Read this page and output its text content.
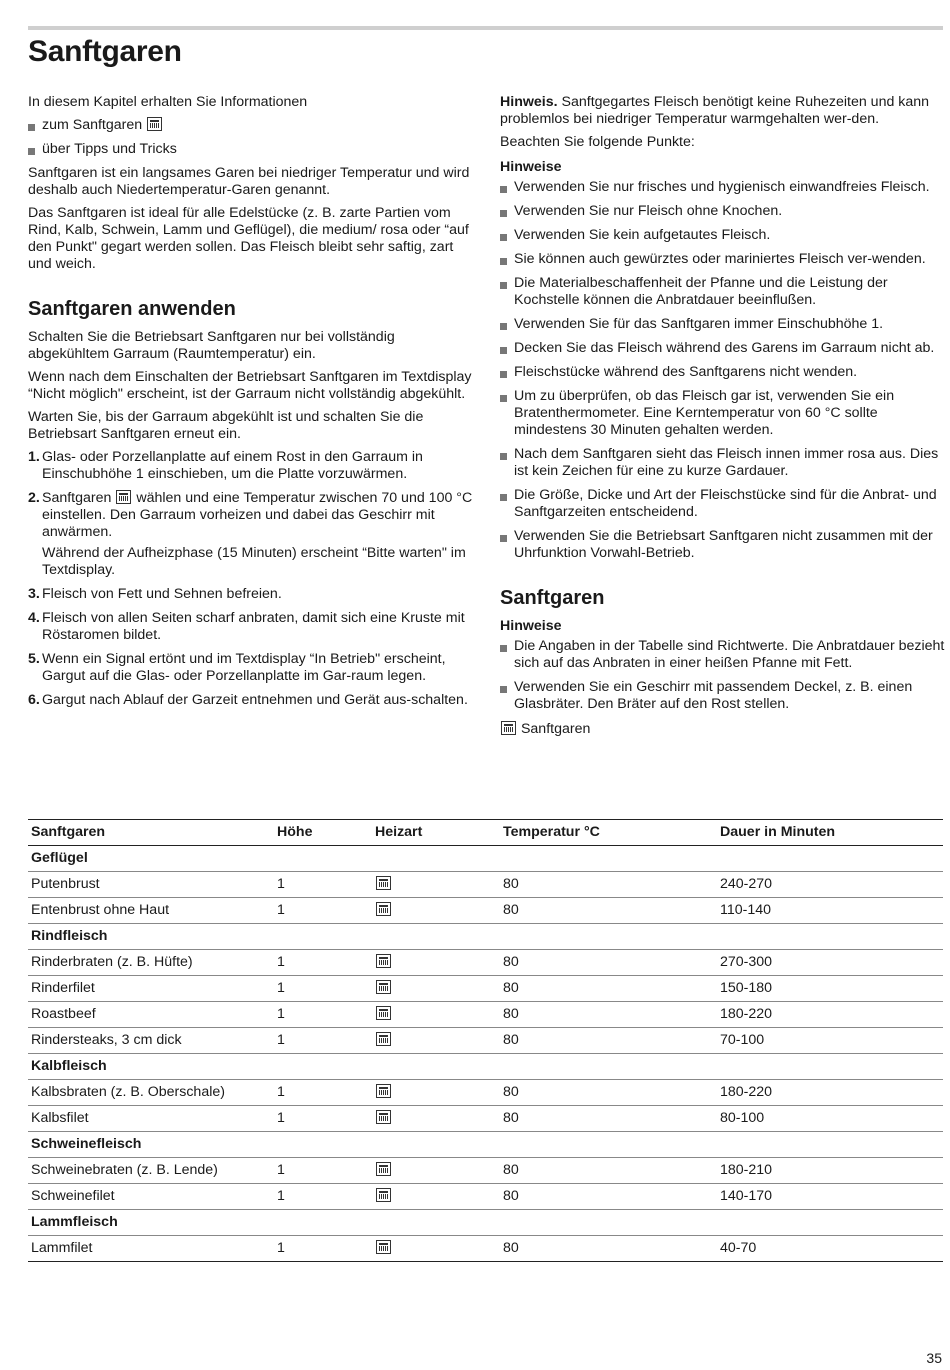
Sanftgaren

In diesem Kapitel erhalten Sie Informationen

zum Sanftgaren
über Tipps und Tricks

Sanftgaren ist ein langsames Garen bei niedriger Temperatur und wird deshalb auch Niedertemperatur-Garen genannt.

Das Sanftgaren ist ideal für alle Edelstücke (z. B. zarte Partien vom Rind, Kalb, Schwein, Lamm und Geflügel), die medium/ rosa oder “auf den Punkt" gegart werden sollen. Das Fleisch bleibt sehr saftig, zart und weich.

Sanftgaren anwenden

Schalten Sie die Betriebsart Sanftgaren nur bei vollständig abgekühltem Garraum (Raumtemperatur) ein.

Wenn nach dem Einschalten der Betriebsart Sanftgaren im Textdisplay “Nicht möglich" erscheint, ist der Garraum nicht vollständig abgekühlt.

Warten Sie, bis der Garraum abgekühlt ist und schalten Sie die Betriebsart Sanftgaren erneut ein.

1. Glas- oder Porzellanplatte auf einem Rost in den Garraum in Einschubhöhe 1 einschieben, um die Platte vorzuwärmen.
2. Sanftgaren wählen und eine Temperatur zwischen 70 und 100 °C einstellen. Den Garraum vorheizen und dabei das Geschirr mit anwärmen.

Während der Aufheizphase (15 Minuten) erscheint “Bitte warten" im Textdisplay.

3. Fleisch von Fett und Sehnen befreien.
4. Fleisch von allen Seiten scharf anbraten, damit sich eine Kruste mit Röstaromen bildet.
5. Wenn ein Signal ertönt und im Textdisplay “In Betrieb" erscheint, Gargut auf die Glas- oder Porzellanplatte im Gar-raum legen.
6. Gargut nach Ablauf der Garzeit entnehmen und Gerät aus-schalten.

Hinweis. Sanftgegartes Fleisch benötigt keine Ruhezeiten und kann problemlos bei niedriger Temperatur warmgehalten wer-den.

Beachten Sie folgende Punkte:

Hinweise
Verwenden Sie nur frisches und hygienisch einwandfreies Fleisch.
Verwenden Sie nur Fleisch ohne Knochen.
Verwenden Sie kein aufgetautes Fleisch.
Sie können auch gewürztes oder mariniertes Fleisch ver-wenden.
Die Materialbeschaffenheit der Pfanne und die Leistung der Kochstelle können die Anbratdauer beeinflußen.
Verwenden Sie für das Sanftgaren immer Einschubhöhe 1.
Decken Sie das Fleisch während des Garens im Garraum nicht ab.
Fleischstücke während des Sanftgarens nicht wenden.
Um zu überprüfen, ob das Fleisch gar ist, verwenden Sie ein Bratenthermometer. Eine Kerntemperatur von 60 °C sollte mindestens 30 Minuten gehalten werden.
Nach dem Sanftgaren sieht das Fleisch innen immer rosa aus. Dies ist kein Zeichen für eine zu kurze Gardauer.
Die Größe, Dicke und Art der Fleischstücke sind für die Anbrat- und Sanftgarzeiten entscheidend.
Verwenden Sie die Betriebsart Sanftgaren nicht zusammen mit der Uhrfunktion Vorwahl-Betrieb.
Sanftgaren
Hinweise
Die Angaben in der Tabelle sind Richtwerte. Die Anbratdauer bezieht sich auf das Anbraten in einer heißen Pfanne mit Fett.
Verwenden Sie ein Geschirr mit passendem Deckel, z. B. einen Glasbräter. Den Bräter auf den Rost stellen.
Sanftgaren
Sanftgaren	Höhe	Heizart	Temperatur °C	Dauer in Minuten
Geflügel				
Putenbrust	1		80	240-270
Entenbrust ohne Haut	1		80	110-140
Rindfleisch				
Rinderbraten (z. B. Hüfte)	1		80	270-300
Rinderfilet	1		80	150-180
Roastbeef	1		80	180-220
Rindersteaks, 3 cm dick	1		80	70-100
Kalbfleisch				
Kalbsbraten (z. B. Oberschale)	1		80	180-220
Kalbsfilet	1		80	80-100
Schweinefleisch				
Schweinebraten (z. B. Lende)	1		80	180-210
Schweinefilet	1		80	140-170
Lammfleisch				
Lammfilet	1		80	40-70
35
